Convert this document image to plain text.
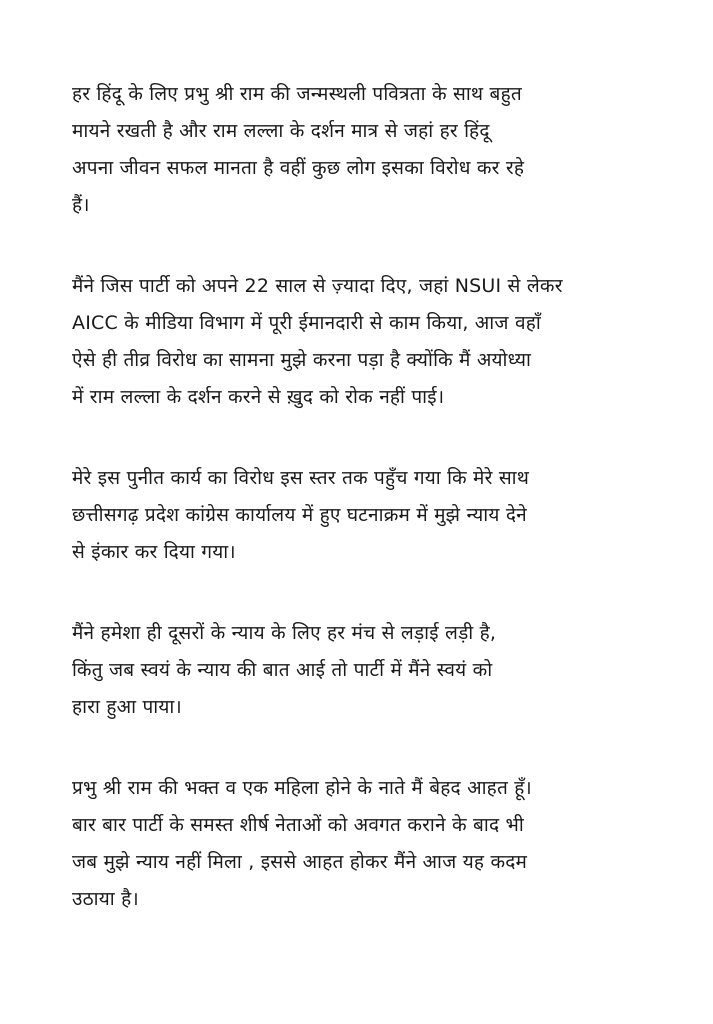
हर हिंदू के लिए प्रभु श्री राम की जन्मस्थली पवित्रता के साथ बहुत
मायने रखती है और राम लल्ला के दर्शन मात्र से जहां हर हिंदू
अपना जीवन सफल मानता है वहीं कुछ लोग इसका विरोध कर रहे
हैं।
मैंने जिस पार्टी को अपने 22 साल से ज़्यादा दिए, जहां NSUI से लेकर
AICC के मीडिया विभाग में पूरी ईमानदारी से काम किया, आज वहाँ
ऐसे ही तीव्र विरोध का सामना मुझे करना पड़ा है क्योंकि मैं अयोध्या
में राम लल्ला के दर्शन करने से ख़ुद को रोक नहीं पाई।
मेरे इस पुनीत कार्य का विरोध इस स्तर तक पहुँच गया कि मेरे साथ
छत्तीसगढ़ प्रदेश कांग्रेस कार्यालय में हुए घटनाक्रम में मुझे न्याय देने
से इंकार कर दिया गया।
मैंने हमेशा ही दूसरों के न्याय के लिए हर मंच से लड़ाई लड़ी है,
किंतु जब स्वयं के न्याय की बात आई तो पार्टी में मैंने स्वयं को
हारा हुआ पाया।
प्रभु श्री राम की भक्त व एक महिला होने के नाते मैं बेहद आहत हूँ।
बार बार पार्टी के समस्त शीर्ष नेताओं को अवगत कराने के बाद भी
जब मुझे न्याय नहीं मिला , इससे आहत होकर मैंने आज यह कदम
उठाया है।
